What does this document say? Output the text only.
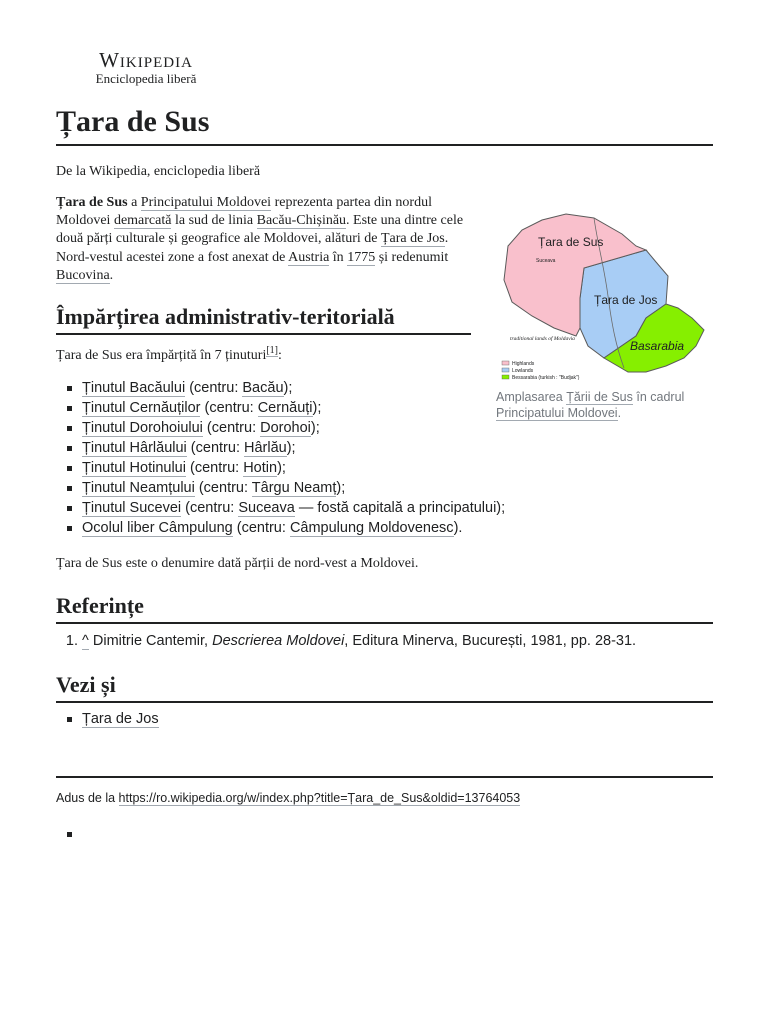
Wikipedia
Enciclopedia liberă
Țara de Sus
De la Wikipedia, enciclopedia liberă

Țara de Sus a Principatului Moldovei reprezenta partea din nordul Moldovei demarcată la sud de linia Bacău-Chișinău. Este una dintre cele două părți culturale și geografice ale Moldovei, alături de Țara de Jos. Nord-vestul acestei zone a fost anexat de Austria în 1775 și redenumit Bucovina.

Țara de Sus
Suceava
Țara de Jos
Basarabia
traditional lands of Moldavia
Highlands
Lowlands
Bessarabia (turkish : "Budjak")
Amplasarea Țării de Sus în cadrul Principatului Moldovei.
Împărțirea administrativ-teritorială
Țara de Sus era împărțită în 7 ținuturi[1]:
Ținutul Bacăului (centru: Bacău);
Ținutul Cernăuților (centru: Cernăuți);
Ținutul Dorohoiului (centru: Dorohoi);
Ținutul Hârlăului (centru: Hârlău);
Ținutul Hotinului (centru: Hotin);
Ținutul Neamțului (centru: Târgu Neamț);
Ținutul Sucevei (centru: Suceava — fostă capitală a principatului);
Ocolul liber Câmpulung (centru: Câmpulung Moldovenesc).
Țara de Sus este o denumire dată părții de nord-vest a Moldovei.
Referințe
1. ^ Dimitrie Cantemir, Descrierea Moldovei, Editura Minerva, București, 1981, pp. 28-31.
Vezi și
Țara de Jos
Adus de la https://ro.wikipedia.org/w/index.php?title=Țara_de_Sus&oldid=13764053
